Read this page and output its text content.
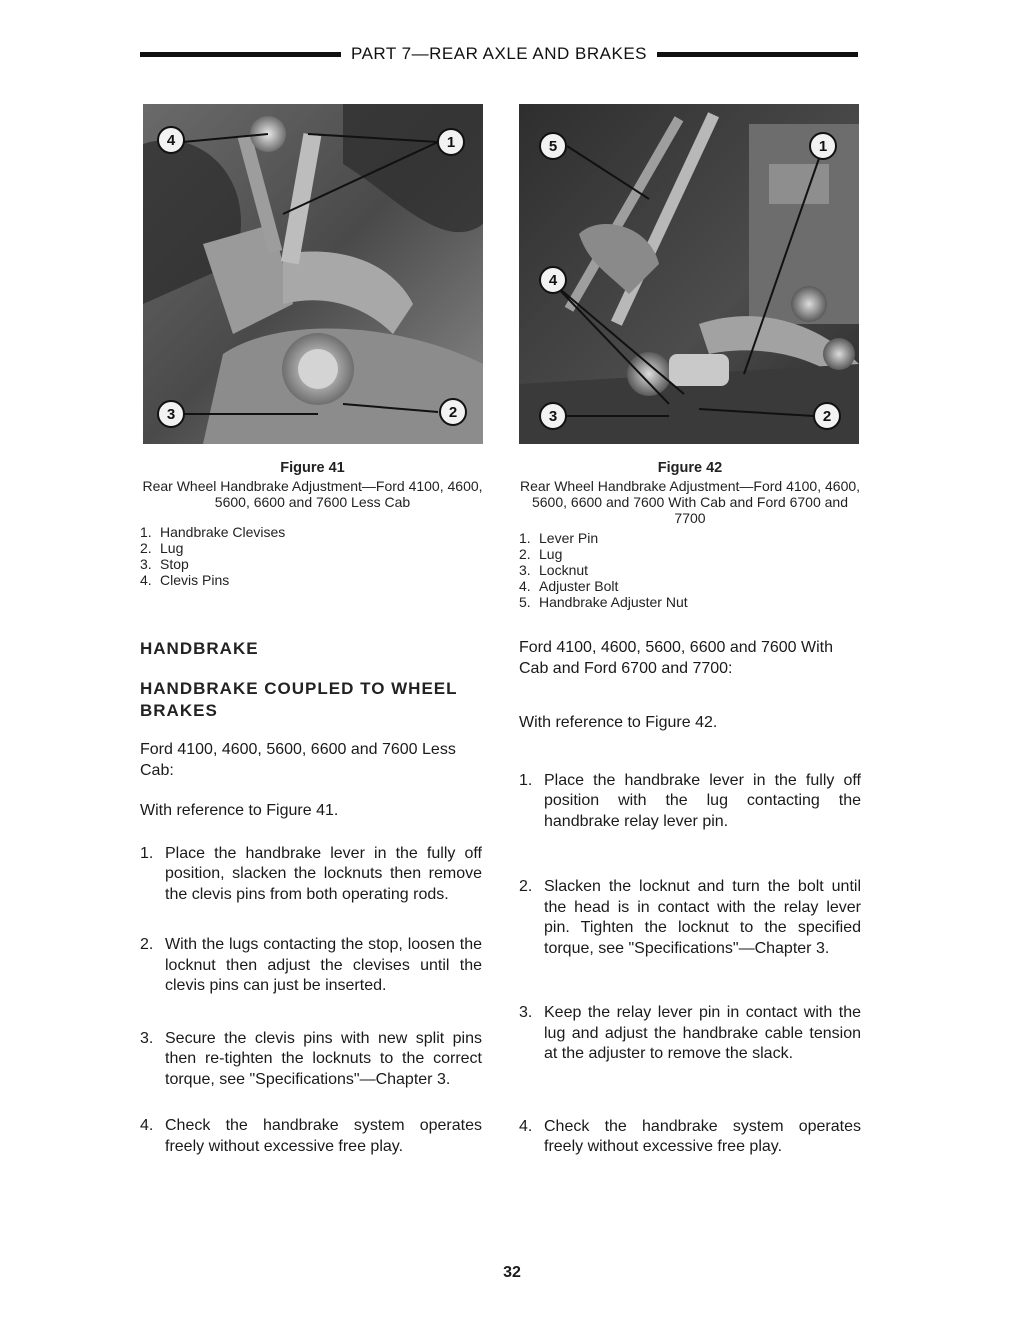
PART 7—REAR AXLE AND BRAKES
4	1
3	2
5	1
4
3	2
Figure 41
Rear Wheel Handbrake Adjustment—Ford 4100, 4600, 5600, 6600 and 7600 Less Cab
1. Handbrake Clevises
2. Lug
3. Stop
4. Clevis Pins
Figure 42
Rear Wheel Handbrake Adjustment—Ford 4100, 4600, 5600, 6600 and 7600 With Cab and Ford 6700 and 7700
1. Lever Pin
2. Lug
3. Locknut
4. Adjuster Bolt
5. Handbrake Adjuster Nut
HANDBRAKE
HANDBRAKE COUPLED TO WHEEL BRAKES

Ford 4100, 4600, 5600, 6600 and 7600 Less Cab:

With reference to Figure 41.

1. Place the handbrake lever in the fully off position, slacken the locknuts then remove the clevis pins from both operating rods.
2. With the lugs contacting the stop, loosen the locknut then adjust the clevises until the clevis pins can just be inserted.
3. Secure the clevis pins with new split pins then re-tighten the locknuts to the correct torque, see "Specifications"—Chapter 3.
4. Check the handbrake system operates freely without excessive free play.

Ford 4100, 4600, 5600, 6600 and 7600 With Cab and Ford 6700 and 7700:

With reference to Figure 42.

1. Place the handbrake lever in the fully off position with the lug contacting the handbrake relay lever pin.
2. Slacken the locknut and turn the bolt until the head is in contact with the relay lever pin. Tighten the locknut to the specified torque, see "Specifications"—Chapter 3.
3. Keep the relay lever pin in contact with the lug and adjust the handbrake cable tension at the adjuster to remove the slack.
4. Check the handbrake system operates freely without excessive free play.
32
